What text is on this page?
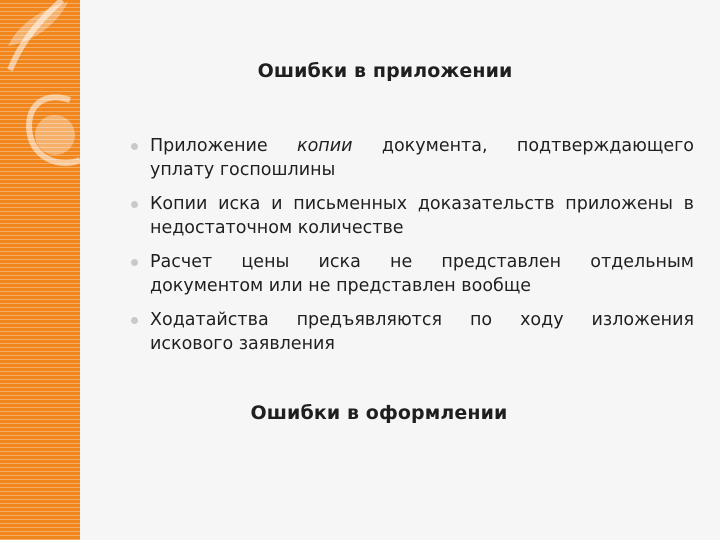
Ошибки в приложении
Приложение копии документа, подтверждающего
уплату госпошлины
Копии иска и письменных доказательств приложены в
недостаточном количестве
Расчет цены иска не представлен отдельным
документом или не представлен вообще
Ходатайства предъявляются по ходу изложения
искового заявления
Ошибки в оформлении
